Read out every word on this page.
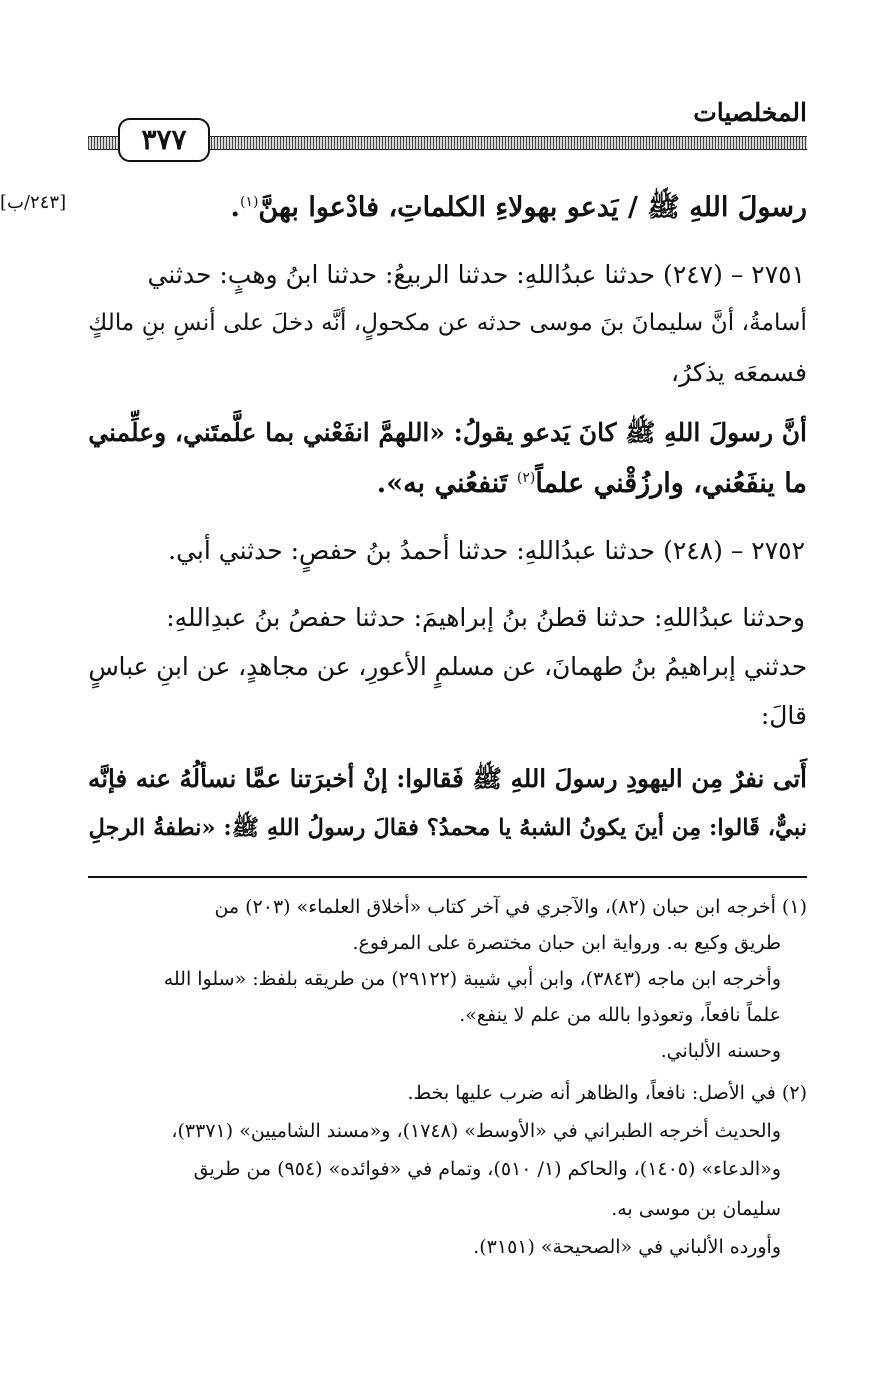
المخلصيات
٣٧٧
[٢٤٣/ب]	رسولَ اللهِ ﷺ / يَدعو بهولاءِ الكلماتِ، فادْعوا بهنَّ$^{(١)}$.
٢٧٥١ – (٢٤٧) حدثنا عبدُاللهِ: حدثنا الربيعُ: حدثنا ابنُ وهبٍ: حدثني
أسامةُ، أنَّ سليمانَ بنَ موسى حدثه عن مكحولٍ، أنَّه دخلَ على أنسِ بنِ مالكٍ
فسمعَه يذكرُ،
أنَّ رسولَ اللهِ ﷺ كانَ يَدعو يقولُ: «اللهمَّ انفَعْني بما علَّمتَني، وعلِّمني
ما ينفَعُني، وارزُقْني علماً$^{(٢)}$ تَنفعُني به».
٢٧٥٢ – (٢٤٨) حدثنا عبدُاللهِ: حدثنا أحمدُ بنُ حفصٍ: حدثني أبي.
وحدثنا عبدُاللهِ: حدثنا قطنُ بنُ إبراهيمَ: حدثنا حفصُ بنُ عبدِاللهِ:
حدثني إبراهيمُ بنُ طهمانَ، عن مسلمٍ الأعورِ، عن مجاهدٍ، عن ابنِ عباسٍ
قالَ:
أَتى نفرٌ مِن اليهودِ رسولَ اللهِ ﷺ فَقالوا: إنْ أخبرَتنا عمَّا نسألُهُ عنه فإنَّه
نبيٌّ، قَالوا: مِن أينَ يكونُ الشبهُ يا محمدُ؟ فقالَ رسولُ اللهِ ﷺ: «نطفةُ الرجلِ
(١) أخرجه ابن حبان (٨٢)، والآجري في آخر كتاب «أخلاق العلماء» (٢٠٣) من
طريق وكيع به. ورواية ابن حبان مختصرة على المرفوع.
وأخرجه ابن ماجه (٣٨٤٣)، وابن أبي شيبة (٢٩١٢٢) من طريقه بلفظ: «سلوا الله
علماً نافعاً، وتعوذوا بالله من علم لا ينفع».
وحسنه الألباني.
(٢) في الأصل: نافعاً، والظاهر أنه ضرب عليها بخط.
والحديث أخرجه الطبراني في «الأوسط» (١٧٤٨)، و«مسند الشاميين» (٣٣٧١)،
و«الدعاء» (١٤٠٥)، والحاكم (١/ ٥١٠)، وتمام في «فوائده» (٩٥٤) من طريق
سليمان بن موسى به.
وأورده الألباني في «الصحيحة» (٣١٥١).
